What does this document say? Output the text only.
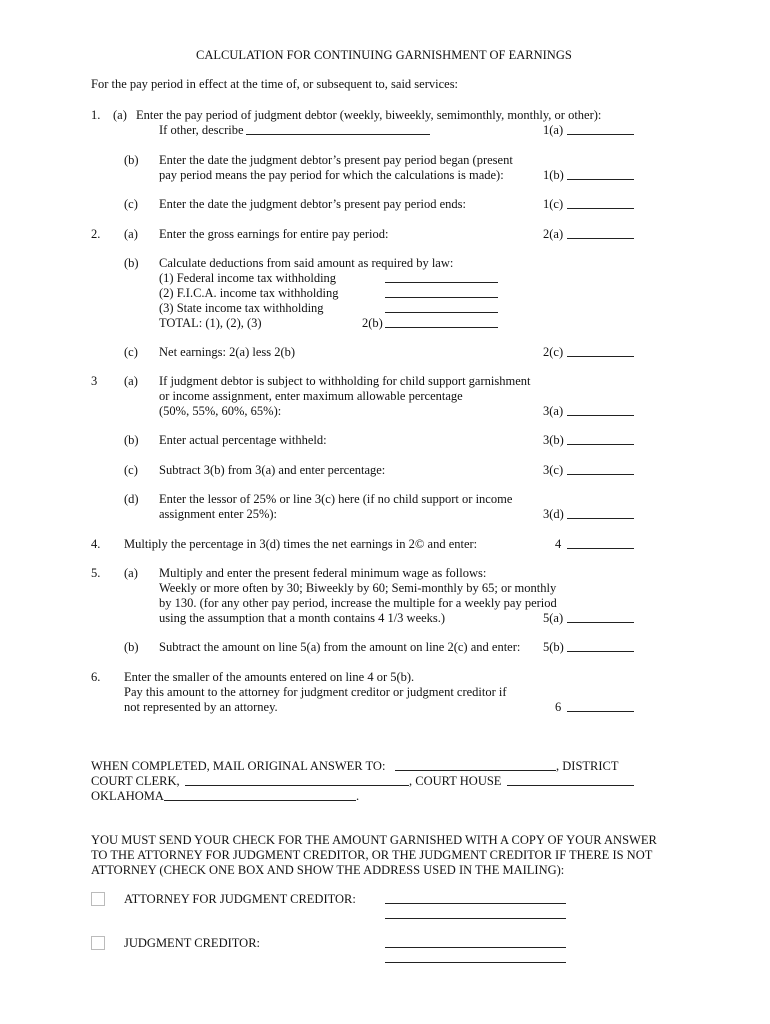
CALCULATION FOR CONTINUING GARNISHMENT OF EARNINGS
For the pay period in effect at the time of, or subsequent to, said services:
1. (a) Enter the pay period of judgment debtor (weekly, biweekly, semimonthly, monthly, or other):
If other, describe	1(a)
(b) Enter the date the judgment debtor’s present pay period began (present
pay period means the pay period for which the calculations is made):	1(b)
(c) Enter the date the judgment debtor’s present pay period ends:	1(c)
2. (a) Enter the gross earnings for entire pay period:	2(a)
(b) Calculate deductions from said amount as required by law:
(1) Federal income tax withholding
(2) F.I.C.A. income tax withholding
(3) State income tax withholding
TOTAL: (1), (2), (3)	2(b)
(c) Net earnings: 2(a) less 2(b)	2(c)
3 (a) If judgment debtor is subject to withholding for child support garnishment
or income assignment, enter maximum allowable percentage
(50%, 55%, 60%, 65%):	3(a)
(b) Enter actual percentage withheld:	3(b)
(c) Subtract 3(b) from 3(a) and enter percentage:	3(c)
(d) Enter the lessor of 25% or line 3(c) here (if no child support or income
assignment enter 25%):	3(d)
4. Multiply the percentage in 3(d) times the net earnings in 2© and enter:	4
5. (a) Multiply and enter the present federal minimum wage as follows:
Weekly or more often by 30; Biweekly by 60; Semi-monthly by 65; or monthly
by 130. (for any other pay period, increase the multiple for a weekly pay period
using the assumption that a month contains 4 1/3 weeks.)	5(a)
(b) Subtract the amount on line 5(a) from the amount on line 2(c) and enter: 5(b)
6. Enter the smaller of the amounts entered on line 4 or 5(b).
Pay this amount to the attorney for judgment creditor or judgment creditor if
not represented by an attorney.	6
WHEN COMPLETED, MAIL ORIGINAL ANSWER TO:	, DISTRICT
COURT CLERK,	, COURT HOUSE
OKLAHOMA	.
YOU MUST SEND YOUR CHECK FOR THE AMOUNT GARNISHED WITH A COPY OF YOUR ANSWER
TO THE ATTORNEY FOR JUDGMENT CREDITOR, OR THE JUDGMENT CREDITOR IF THERE IS NOT
ATTORNEY (CHECK ONE BOX AND SHOW THE ADDRESS USED IN THE MAILING):
ATTORNEY FOR JUDGMENT CREDITOR:
JUDGMENT CREDITOR:
